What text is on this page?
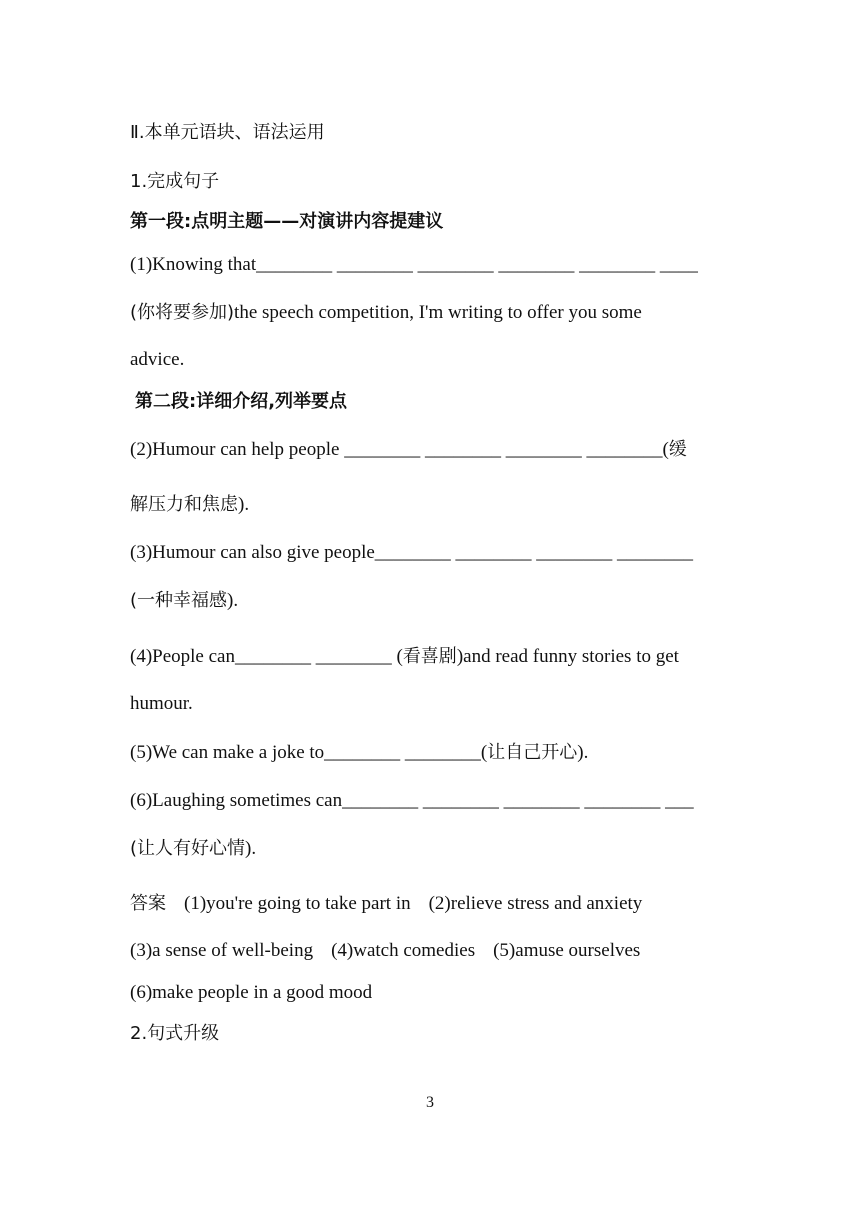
Ⅱ.本单元语块、语法运用
1.完成句子
第一段:点明主题——对演讲内容提建议
(1)Knowing that________ ________ ________ ________ ________ ____
(你将要参加)the speech competition, I'm writing to offer you some
advice.
第二段:详细介绍,列举要点
(2)Humour can help people ________ ________ ________ ________(缓
解压力和焦虑).
(3)Humour can also give people________ ________ ________ ________
(一种幸福感).
(4)People can________ ________ (看喜剧)and read funny stories to get
humour.
(5)We can make a joke to________ ________(让自己开心).
(6)Laughing sometimes can________ ________ ________ ________ ___
(让人有好心情).
答案 (1)you're going to take part in (2)relieve stress and anxiety
(3)a sense of well-being (4)watch comedies (5)amuse ourselves
(6)make people in a good mood
2.句式升级
3
